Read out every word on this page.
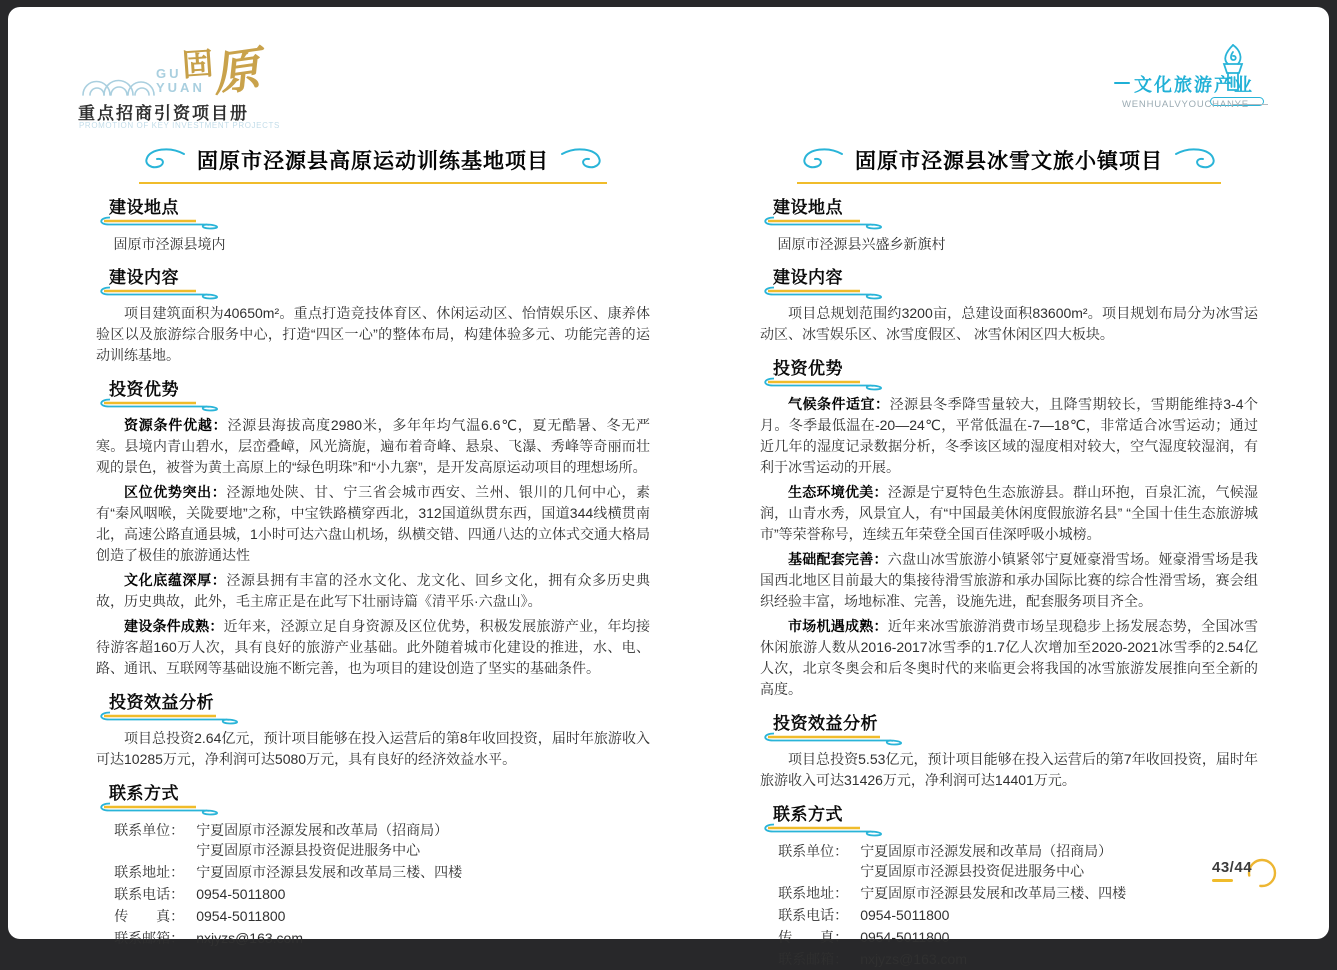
GU
YUAN
固
原
重点招商引资项目册
PROMOTION OF KEY INVESTMENT PROJECTS
文化旅游产业
WENHUALVYOUCHANYE
固原市泾源县高原运动训练基地项目
建设地点
固原市泾源县境内
建设内容
项目建筑面积为40650m²。重点打造竞技体育区、休闲运动区、怡情娱乐区、康养体验区以及旅游综合服务中心，打造“四区一心”的整体布局，构建体验多元、功能完善的运动训练基地。
投资优势
资源条件优越：泾源县海拔高度2980米，多年年均气温6.6℃，夏无酷暑、冬无严寒。县境内青山碧水，层峦叠嶂，风光旖旎，遍布着奇峰、悬泉、飞瀑、秀峰等奇丽而壮观的景色，被誉为黄土高原上的“绿色明珠”和“小九寨”，是开发高原运动项目的理想场所。
区位优势突出：泾源地处陕、甘、宁三省会城市西安、兰州、银川的几何中心，素有“秦风咽喉，关陇要地”之称，中宝铁路横穿西北，312国道纵贯东西，国道344线横贯南北，高速公路直通县城，1小时可达六盘山机场，纵横交错、四通八达的立体式交通大格局创造了极佳的旅游通达性
文化底蕴深厚：泾源县拥有丰富的泾水文化、龙文化、回乡文化，拥有众多历史典故，历史典故，此外，毛主席正是在此写下壮丽诗篇《清平乐·六盘山》。
建设条件成熟：近年来，泾源立足自身资源及区位优势，积极发展旅游产业，年均接待游客超160万人次，具有良好的旅游产业基础。此外随着城市化建设的推进，水、电、路、通讯、互联网等基础设施不断完善，也为项目的建设创造了坚实的基础条件。
投资效益分析
项目总投资2.64亿元，预计项目能够在投入运营后的第8年收回投资，届时年旅游收入可达10285万元，净利润可达5080万元，具有良好的经济效益水平。
联系方式
联系单位： 宁夏固原市泾源发展和改革局（招商局）
宁夏固原市泾源县投资促进服务中心
联系地址： 宁夏固原市泾源县发展和改革局三楼、四楼
联系电话： 0954-5011800
传　　真： 0954-5011800
联系邮箱： nxjyzs@163.com
固原市泾源县冰雪文旅小镇项目
建设地点
固原市泾源县兴盛乡新旗村
建设内容
项目总规划范围约3200亩，总建设面积83600m²。项目规划布局分为冰雪运动区、冰雪娱乐区、冰雪度假区、 冰雪休闲区四大板块。
投资优势
气候条件适宜：泾源县冬季降雪量较大，且降雪期较长，雪期能维持3-4个月。冬季最低温在-20—24℃，平常低温在-7—18℃，非常适合冰雪运动；通过近几年的湿度记录数据分析，冬季该区域的湿度相对较大，空气湿度较湿润，有利于冰雪运动的开展。
生态环境优美：泾源是宁夏特色生态旅游县。群山环抱，百泉汇流，气候湿润，山青水秀，风景宜人，有“中国最美休闲度假旅游名县” “全国十佳生态旅游城市”等荣誉称号，连续五年荣登全国百佳深呼吸小城榜。
基础配套完善：六盘山冰雪旅游小镇紧邻宁夏娅豪滑雪场。娅豪滑雪场是我国西北地区目前最大的集接待滑雪旅游和承办国际比赛的综合性滑雪场，赛会组织经验丰富，场地标准、完善，设施先进，配套服务项目齐全。
市场机遇成熟：近年来冰雪旅游消费市场呈现稳步上扬发展态势，全国冰雪休闲旅游人数从2016-2017冰雪季的1.7亿人次增加至2020-2021冰雪季的2.54亿人次，北京冬奥会和后冬奥时代的来临更会将我国的冰雪旅游发展推向至全新的高度。
投资效益分析
项目总投资5.53亿元，预计项目能够在投入运营后的第7年收回投资，届时年旅游收入可达31426万元，净利润可达14401万元。
联系方式
联系单位： 宁夏固原市泾源发展和改革局（招商局）
宁夏固原市泾源县投资促进服务中心
联系地址： 宁夏固原市泾源县发展和改革局三楼、四楼
联系电话： 0954-5011800
传　　真： 0954-5011800
联系邮箱： nxjyzs@163.com
43/44
